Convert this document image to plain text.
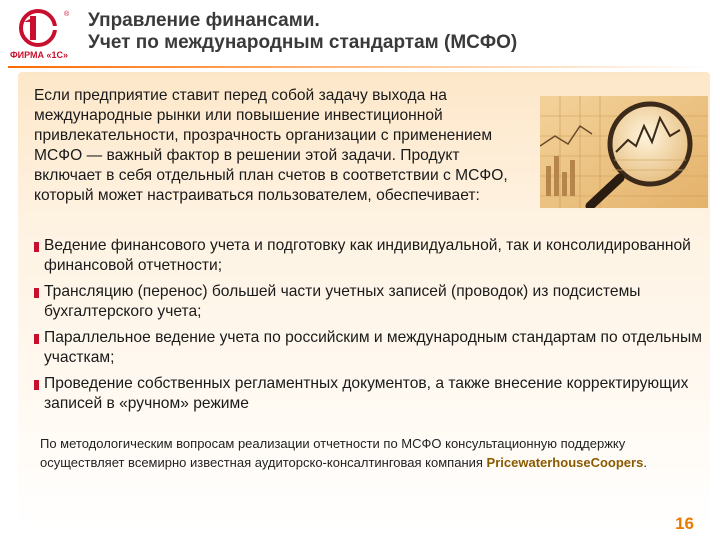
®
ФИРМА «1С»
Управление финансами.
Учет по международным стандартам (МСФО)
Если предприятие ставит перед собой задачу выхода на международные рынки или повышение инвестиционной привлекательности, прозрачность организации с применением МСФО — важный фактор в решении этой задачи. Продукт включает в себя отдельный план счетов в соответствии с МСФО, который может настраиваться пользователем, обеспечивает:
Ведение финансового учета и подготовку как индивидуальной, так и консолидированной финансовой отчетности;
Трансляцию (перенос) большей части учетных записей (проводок) из подсистемы бухгалтерского учета;
Параллельное ведение учета по российским и международным стандартам по отдельным участкам;
Проведение собственных регламентных документов, а также внесение корректирующих записей в «ручном» режиме
По методологическим вопросам реализации отчетности по МСФО консультационную поддержку осуществляет всемирно известная аудиторско-консалтинговая компания PricewaterhouseCoopers.
16
